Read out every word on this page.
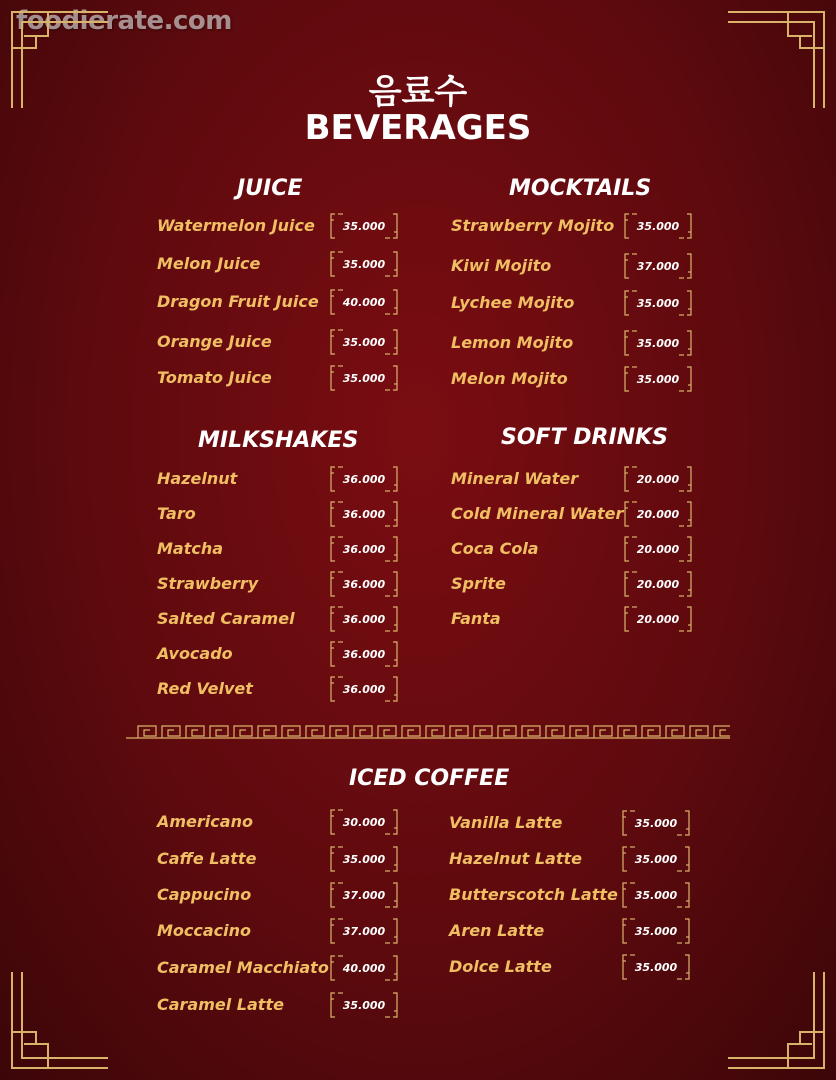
foodierate.com
음료수
BEVERAGES
JUICE	MOCKTAILS
MILKSHAKES	SOFT DRINKS
ICED COFFEE
Watermelon Juice	35.000
Melon Juice	35.000
Dragon Fruit Juice 40.000
Orange Juice	35.000
Tomato Juice	35.000
Strawberry Mojito 35.000
Kiwi Mojito	37.000
Lychee Mojito	35.000
Lemon Mojito	35.000
Melon Mojito	35.000
Hazelnut	36.000
Taro	36.000
Matcha	36.000
Strawberry	36.000
Salted Caramel	36.000
Avocado	36.000
Red Velvet	36.000
Mineral Water	20.000
Cold Mineral Water 20.000
Coca Cola	20.000
Sprite	20.000
Fanta	20.000
Americano	30.000
Caffe Latte	35.000
Cappucino	37.000
Moccacino	37.000
Caramel Macchiato 40.000
Caramel Latte	35.000
Vanilla Latte	35.000
Hazelnut Latte	35.000
Butterscotch Latte 35.000
Aren Latte	35.000
Dolce Latte	35.000
